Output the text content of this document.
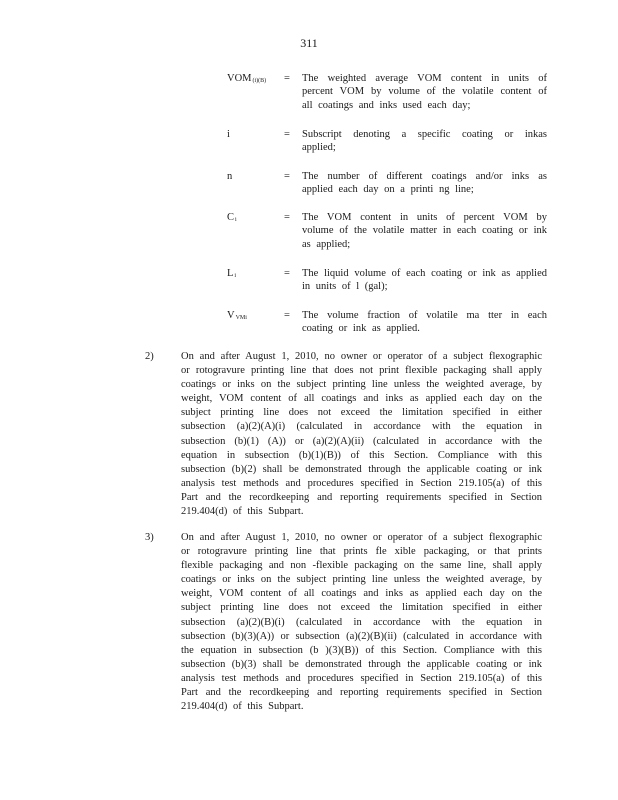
311
$VOM_{(i)(B)}$ = The weighted average VOM content in units of percent VOM by volume of the volatile content of all coatings and inks used each day;
i	= Subscript denoting a specific coating or inkas applied;
n	= The number of different coatings and/or inks as applied each day on a printi ng line;
$C_i$	= The VOM content in units of percent VOM by volume of the volatile matter in each coating or ink as applied;
$L_i$	= The liquid volume of each coating or ink as applied in units of l (gal);
$V_{VMi}$	= The volume fraction of volatile ma tter in each coating or ink as applied.
2)	On and after August 1, 2010, no owner or operator of a subject flexographic or rotogravure printing line that does not print flexible packaging shall apply coatings or inks on the subject printing line unless the weighted average, by weight, VOM content of all coatings and inks as applied each day on the subject printing line does not exceed the limitation specified in either subsection (a)(2)(A)(i) (calculated in accordance with the equation in subsection (b)(1) (A)) or (a)(2)(A)(ii) (calculated in accordance with the equation in subsection (b)(1)(B)) of this Section. Compliance with this subsection (b)(2) shall be demonstrated through the applicable coating or ink analysis test methods and procedures specified in Section 219.105(a) of this Part and the recordkeeping and reporting requirements specified in Section 219.404(d) of this Subpart.
3)	On and after August 1, 2010, no owner or operator of a subject flexographic or rotogravure printing line that prints fle xible packaging, or that prints flexible packaging and non -flexible packaging on the same line, shall apply coatings or inks on the subject printing line unless the weighted average, by weight, VOM content of all coatings and inks as applied each day on the subject printing line does not exceed the limitation specified in either subsection (a)(2)(B)(i) (calculated in accordance with the equation in subsection (b)(3)(A)) or subsection (a)(2)(B)(ii) (calculated in accordance with the equation in subsection (b )(3)(B)) of this Section. Compliance with this subsection (b)(3) shall be demonstrated through the applicable coating or ink analysis test methods and procedures specified in Section 219.105(a) of this Part and the recordkeeping and reporting requirements specified in Section 219.404(d) of this Subpart.
